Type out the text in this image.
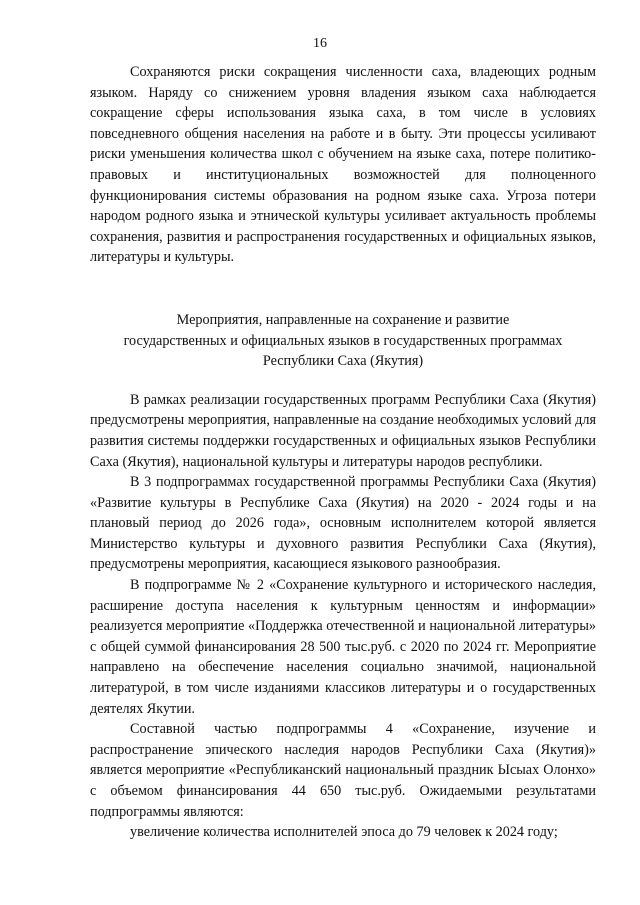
16

Сохраняются риски сокращения численности саха, владеющих родным языком. Наряду со снижением уровня владения языком саха наблюдается сокращение сферы использования языка саха, в том числе в условиях повседневного общения населения на работе и в быту. Эти процессы усиливают риски уменьшения количества школ с обучением на языке саха, потере политико-правовых и институциональных возможностей для полноценного функционирования системы образования на родном языке саха. Угроза потери народом родного языка и этнической культуры усиливает актуальность проблемы сохранения, развития и распространения государственных и официальных языков, литературы и культуры.

Мероприятия, направленные на сохранение и развитие
государственных и официальных языков в государственных программах
Республики Саха (Якутия)

В рамках реализации государственных программ Республики Саха (Якутия) предусмотрены мероприятия, направленные на создание необходимых условий для развития системы поддержки государственных и официальных языков Республики Саха (Якутия), национальной культуры и литературы народов республики.

В 3 подпрограммах государственной программы Республики Саха (Якутия) «Развитие культуры в Республике Саха (Якутия) на 2020 - 2024 годы и на плановый период до 2026 года», основным исполнителем которой является Министерство культуры и духовного развития Республики Саха (Якутия), предусмотрены мероприятия, касающиеся языкового разнообразия.

В подпрограмме № 2 «Сохранение культурного и исторического наследия, расширение доступа населения к культурным ценностям и информации» реализуется мероприятие «Поддержка отечественной и национальной литературы» с общей суммой финансирования 28 500 тыс.руб. с 2020 по 2024 гг. Мероприятие направлено на обеспечение населения социально значимой, национальной литературой, в том числе изданиями классиков литературы и о государственных деятелях Якутии.

Составной частью подпрограммы 4 «Сохранение, изучение и распространение эпического наследия народов Республики Саха (Якутия)» является мероприятие «Республиканский национальный праздник Ысыах Олонхо» с объемом финансирования 44 650 тыс.руб. Ожидаемыми результатами подпрограммы являются:

увеличение количества исполнителей эпоса до 79 человек к 2024 году;
